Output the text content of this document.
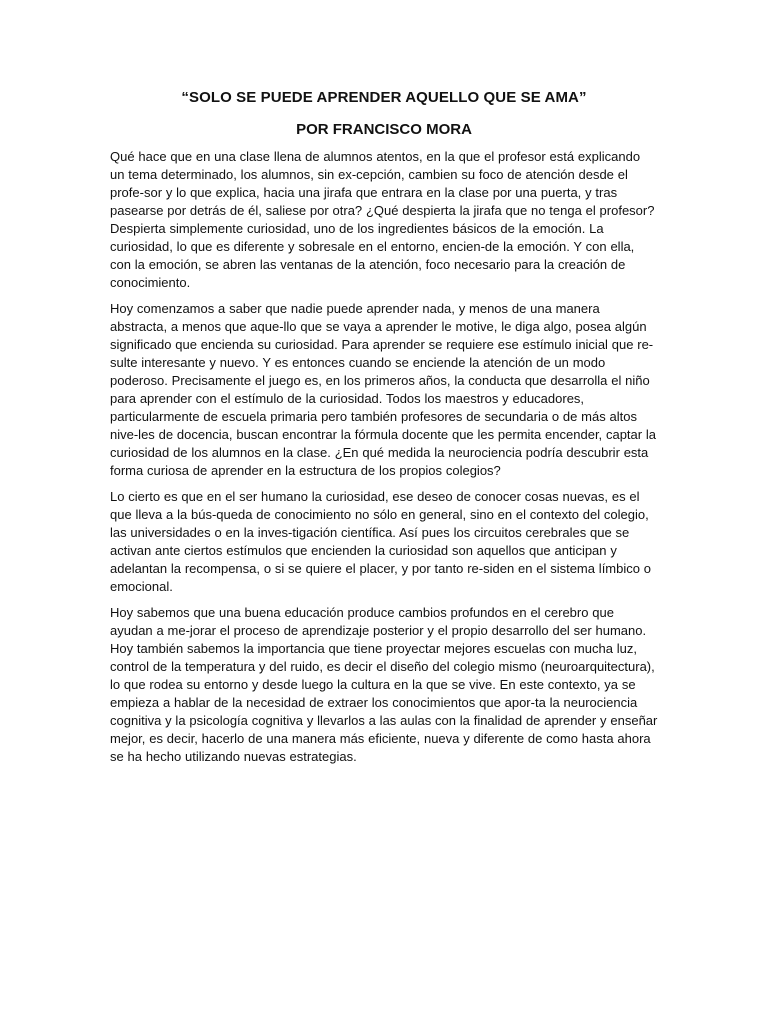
“SOLO SE PUEDE APRENDER AQUELLO QUE SE AMA”
POR FRANCISCO MORA

Qué hace que en una clase llena de alumnos atentos, en la que el profesor está explicando un tema determinado, los alumnos, sin ex-cepción, cambien su foco de atención desde el profe-sor y lo que explica, hacia una jirafa que entrara en la clase por una puerta, y tras pasearse por detrás de él, saliese por otra? ¿Qué despierta la jirafa que no tenga el profesor? Despierta simplemente curiosidad, uno de los ingredientes básicos de la emoción. La curiosidad, lo que es diferente y sobresale en el entorno, encien-de la emoción. Y con ella, con la emoción, se abren las ventanas de la atención, foco necesario para la creación de conocimiento.

Hoy comenzamos a saber que nadie puede aprender nada, y menos de una manera abstracta, a menos que aque-llo que se vaya a aprender le motive, le diga algo, posea algún significado que encienda su curiosidad. Para aprender se requiere ese estímulo inicial que re-sulte interesante y nuevo. Y es entonces cuando se enciende la atención de un modo poderoso. Precisamente el juego es, en los primeros años, la conducta que desarrolla el niño para aprender con el estímulo de la curiosidad. Todos los maestros y educadores, particularmente de escuela primaria pero también profesores de secundaria o de más altos nive-les de docencia, buscan encontrar la fórmula docente que les permita encender, captar la curiosidad de los alumnos en la clase. ¿En qué medida la neurociencia podría descubrir esta forma curiosa de aprender en la estructura de los propios colegios?

Lo cierto es que en el ser humano la curiosidad, ese deseo de conocer cosas nuevas, es el que lleva a la bús-queda de conocimiento no sólo en general, sino en el contexto del colegio, las universidades o en la inves-tigación científica. Así pues los circuitos cerebrales que se activan ante ciertos estímulos que encienden la curiosidad son aquellos que anticipan y adelantan la recompensa, o si se quiere el placer, y por tanto re-siden en el sistema límbico o emocional.

Hoy sabemos que una buena educación produce cambios profundos en el cerebro que ayudan a me-jorar el proceso de aprendizaje posterior y el propio desarrollo del ser humano. Hoy también sabemos la importancia que tiene proyectar mejores escuelas con mucha luz, control de la temperatura y del ruido, es decir el diseño del colegio mismo (neuroarquitectura), lo que rodea su entorno y desde luego la cultura en la que se vive. En este contexto, ya se empieza a hablar de la necesidad de extraer los conocimientos que apor-ta la neurociencia cognitiva y la psicología cognitiva y llevarlos a las aulas con la finalidad de aprender y enseñar mejor, es decir, hacerlo de una manera más eficiente, nueva y diferente de como hasta ahora se ha hecho utilizando nuevas estrategias.
